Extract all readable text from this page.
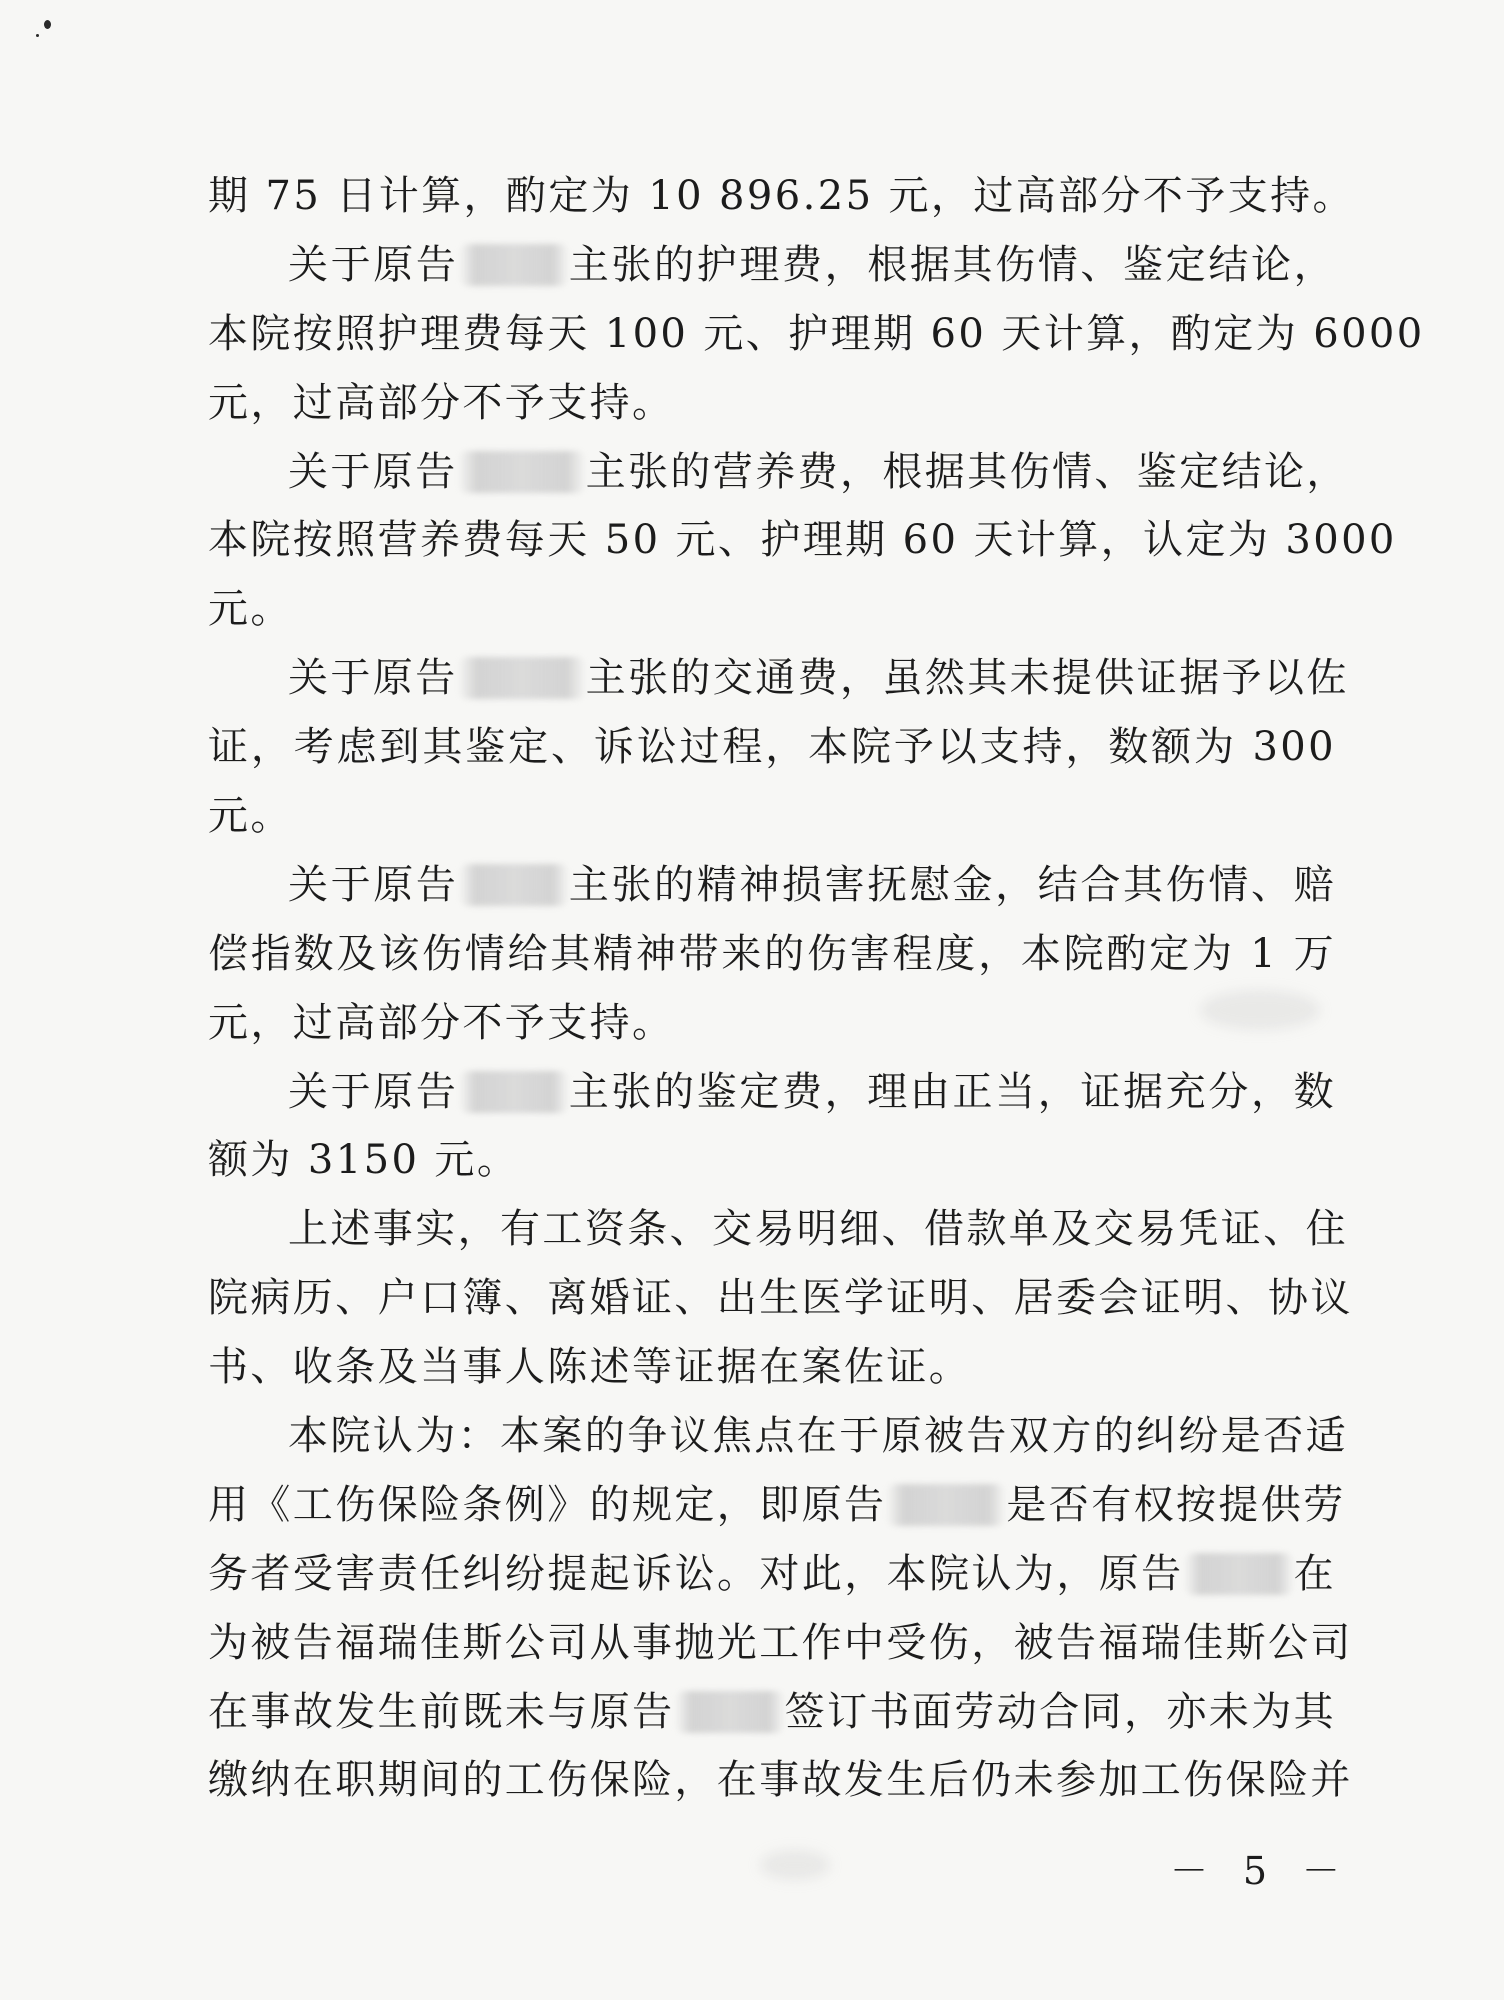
期 75 日计算，酌定为 10 896.25 元，过高部分不予支持。
关于原告	主张的护理费，根据其伤情、鉴定结论，
本院按照护理费每天 100 元、护理期 60 天计算，酌定为 6000
元，过高部分不予支持。
关于原告	主张的营养费，根据其伤情、鉴定结论，
本院按照营养费每天 50 元、护理期 60 天计算，认定为 3000
元。
关于原告	主张的交通费，虽然其未提供证据予以佐
证，考虑到其鉴定、诉讼过程，本院予以支持，数额为 300
元。
关于原告	主张的精神损害抚慰金，结合其伤情、赔
偿指数及该伤情给其精神带来的伤害程度，本院酌定为 1 万
元，过高部分不予支持。
关于原告	主张的鉴定费，理由正当，证据充分，数
额为 3150 元。
上述事实，有工资条、交易明细、借款单及交易凭证、住
院病历、户口簿、离婚证、出生医学证明、居委会证明、协议
书、收条及当事人陈述等证据在案佐证。
本院认为：本案的争议焦点在于原被告双方的纠纷是否适
用《工伤保险条例》的规定，即原告	是否有权按提供劳
务者受害责任纠纷提起诉讼。对此，本院认为，原告	在
为被告福瑞佳斯公司从事抛光工作中受伤，被告福瑞佳斯公司
在事故发生前既未与原告	签订书面劳动合同，亦未为其
缴纳在职期间的工伤保险，在事故发生后仍未参加工伤保险并
－ 5 －
